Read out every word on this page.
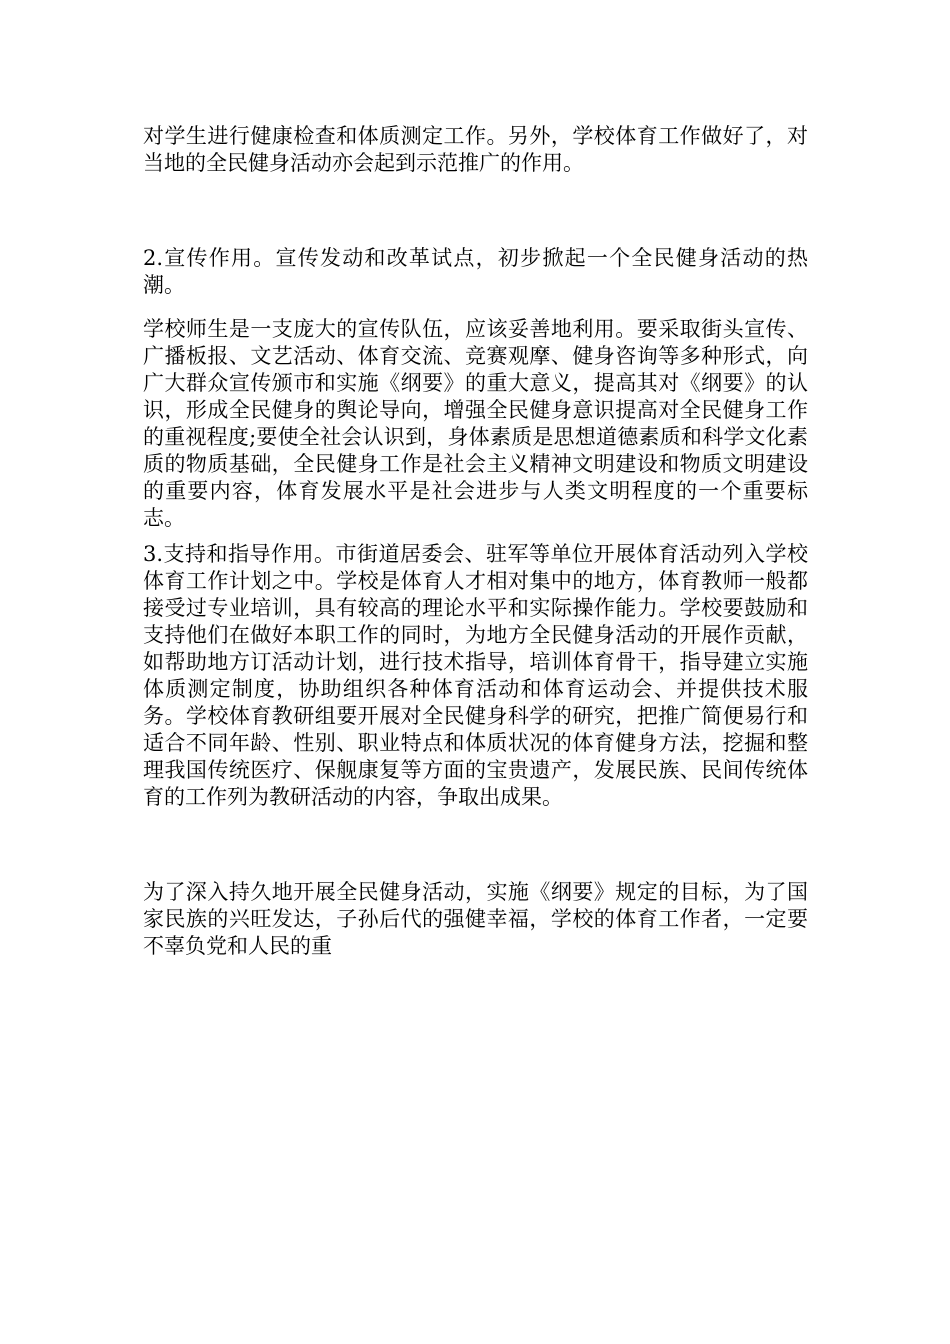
对学生进行健康检查和体质测定工作。另外，学校体育工作做好了，对当地的全民健身活动亦会起到示范推广的作用。

2.宣传作用。宣传发动和改革试点，初步掀起一个全民健身活动的热潮。

学校师生是一支庞大的宣传队伍，应该妥善地利用。要采取街头宣传、广播板报、文艺活动、体育交流、竞赛观摩、健身咨询等多种形式，向广大群众宣传颁市和实施《纲要》的重大意义，提高其对《纲要》的认识，形成全民健身的舆论导向，增强全民健身意识提高对全民健身工作的重视程度;要使全社会认识到，身体素质是思想道德素质和科学文化素质的物质基础，全民健身工作是社会主义精神文明建设和物质文明建设的重要内容，体育发展水平是社会进步与人类文明程度的一个重要标志。

3.支持和指导作用。市街道居委会、驻军等单位开展体育活动列入学校体育工作计划之中。学校是体育人才相对集中的地方，体育教师一般都接受过专业培训，具有较高的理论水平和实际操作能力。学校要鼓励和支持他们在做好本职工作的同时，为地方全民健身活动的开展作贡献，如帮助地方订活动计划，进行技术指导，培训体育骨干，指导建立实施体质测定制度，协助组织各种体育活动和体育运动会、并提供技术服务。学校体育教研组要开展对全民健身科学的研究，把推广简便易行和适合不同年龄、性别、职业特点和体质状况的体育健身方法，挖掘和整理我国传统医疗、保舰康复等方面的宝贵遗产，发展民族、民间传统体育的工作列为教研活动的内容，争取出成果。

为了深入持久地开展全民健身活动，实施《纲要》规定的目标，为了国家民族的兴旺发达，子孙后代的强健幸福，学校的体育工作者，一定要不辜负党和人民的重
